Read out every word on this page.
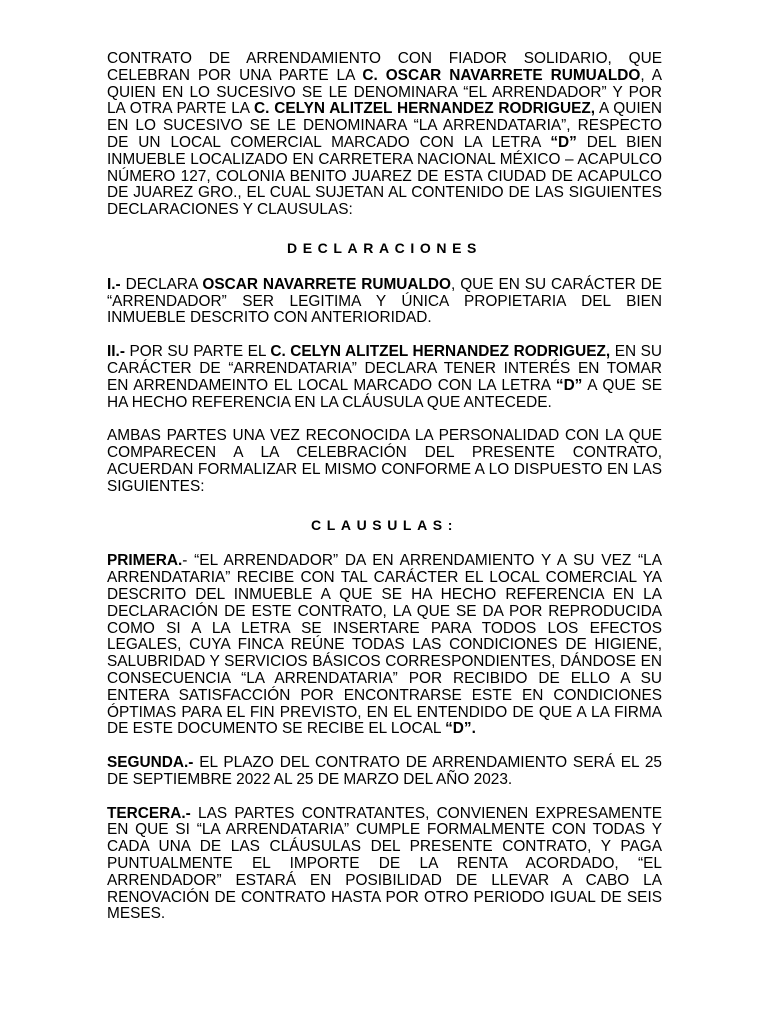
CONTRATO DE ARRENDAMIENTO CON FIADOR SOLIDARIO, QUE CELEBRAN POR UNA PARTE LA C. OSCAR NAVARRETE RUMUALDO, A QUIEN EN LO SUCESIVO SE LE DENOMINARA “EL ARRENDADOR” Y POR LA OTRA PARTE LA C. CELYN ALITZEL HERNANDEZ RODRIGUEZ, A QUIEN EN LO SUCESIVO SE LE DENOMINARA “LA ARRENDATARIA”, RESPECTO DE UN LOCAL COMERCIAL MARCADO CON LA LETRA “D” DEL BIEN INMUEBLE LOCALIZADO EN CARRETERA NACIONAL MÉXICO – ACAPULCO NÚMERO 127, COLONIA BENITO JUAREZ DE ESTA CIUDAD DE ACAPULCO DE JUAREZ GRO., EL CUAL SUJETAN AL CONTENIDO DE LAS SIGUIENTES DECLARACIONES Y CLAUSULAS:

DECLARACIONES

I.- DECLARA OSCAR NAVARRETE RUMUALDO, QUE EN SU CARÁCTER DE “ARRENDADOR” SER LEGITIMA Y ÚNICA PROPIETARIA DEL BIEN INMUEBLE DESCRITO CON ANTERIORIDAD.

II.- POR SU PARTE EL C. CELYN ALITZEL HERNANDEZ RODRIGUEZ, EN SU CARÁCTER DE “ARRENDATARIA” DECLARA TENER INTERÉS EN TOMAR EN ARRENDAMEINTO EL LOCAL MARCADO CON LA LETRA “D” A QUE SE HA HECHO REFERENCIA EN LA CLÁUSULA QUE ANTECEDE.

AMBAS PARTES UNA VEZ RECONOCIDA LA PERSONALIDAD CON LA QUE COMPARECEN A LA CELEBRACIÓN DEL PRESENTE CONTRATO, ACUERDAN FORMALIZAR EL MISMO CONFORME A LO DISPUESTO EN LAS SIGUIENTES:

CLAUSULAS:

PRIMERA.- “EL ARRENDADOR” DA EN ARRENDAMIENTO Y A SU VEZ “LA ARRENDATARIA” RECIBE CON TAL CARÁCTER EL LOCAL COMERCIAL YA DESCRITO DEL INMUEBLE A QUE SE HA HECHO REFERENCIA EN LA DECLARACIÓN DE ESTE CONTRATO, LA QUE SE DA POR REPRODUCIDA COMO SI A LA LETRA SE INSERTARE PARA TODOS LOS EFECTOS LEGALES, CUYA FINCA REÚNE TODAS LAS CONDICIONES DE HIGIENE, SALUBRIDAD Y SERVICIOS BÁSICOS CORRESPONDIENTES, DÁNDOSE EN CONSECUENCIA “LA ARRENDATARIA” POR RECIBIDO DE ELLO A SU ENTERA SATISFACCIÓN POR ENCONTRARSE ESTE EN CONDICIONES ÓPTIMAS PARA EL FIN PREVISTO, EN EL ENTENDIDO DE QUE A LA FIRMA DE ESTE DOCUMENTO SE RECIBE EL LOCAL “D”.

SEGUNDA.- EL PLAZO DEL CONTRATO DE ARRENDAMIENTO SERÁ EL 25 DE SEPTIEMBRE 2022 AL 25 DE MARZO DEL AÑO 2023.

TERCERA.- LAS PARTES CONTRATANTES, CONVIENEN EXPRESAMENTE EN QUE SI “LA ARRENDATARIA” CUMPLE FORMALMENTE CON TODAS Y CADA UNA DE LAS CLÁUSULAS DEL PRESENTE CONTRATO, Y PAGA PUNTUALMENTE EL IMPORTE DE LA RENTA ACORDADO, “EL ARRENDADOR” ESTARÁ EN POSIBILIDAD DE LLEVAR A CABO LA RENOVACIÓN DE CONTRATO HASTA POR OTRO PERIODO IGUAL DE SEIS MESES.
